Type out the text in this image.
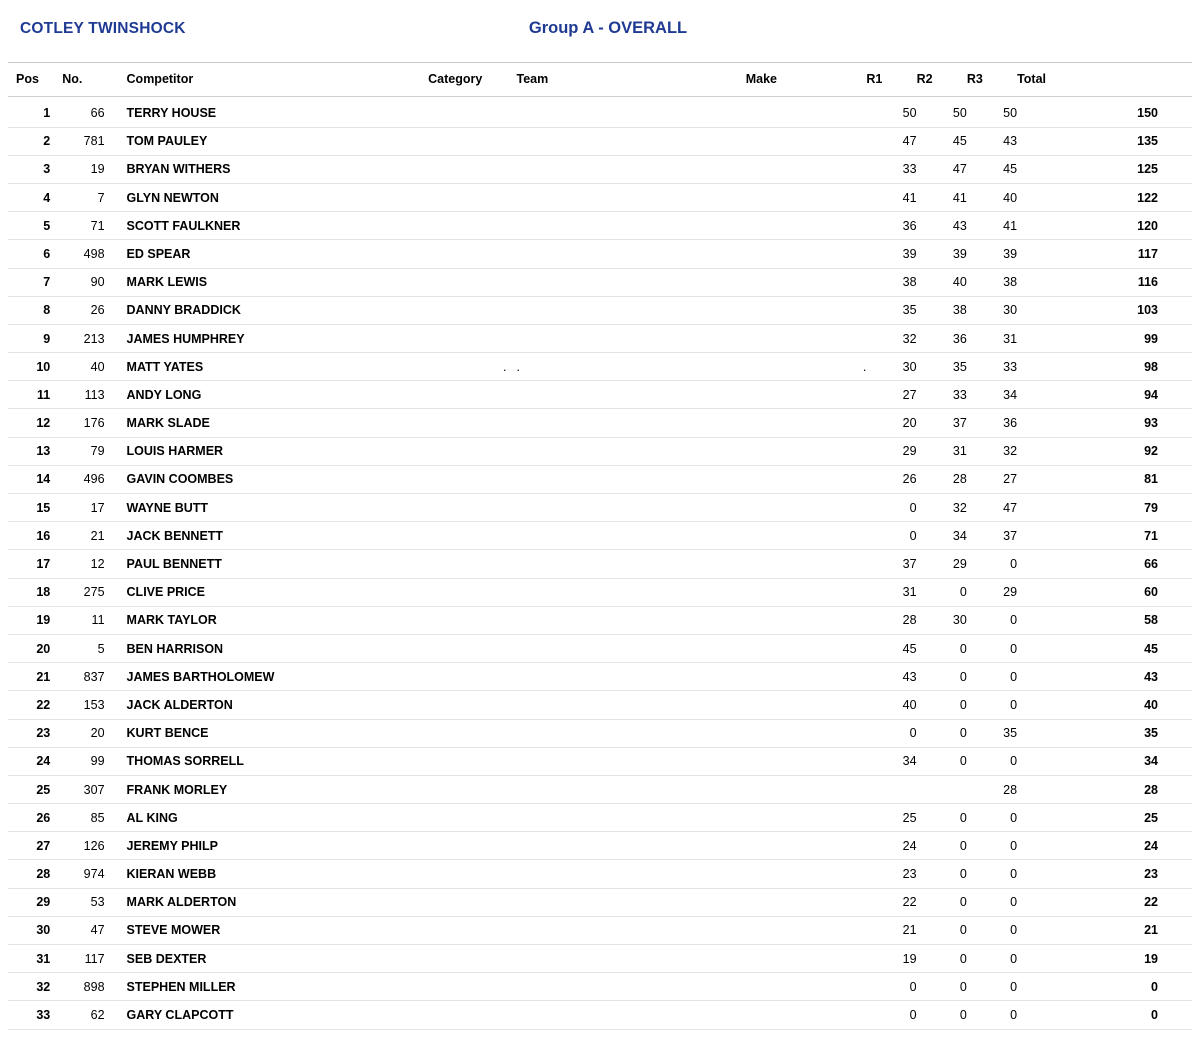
COTLEY TWINSHOCK	Group A - OVERALL
Pos	No.	Competitor	Category	Team	Make	R1	R2	R3	Total
1	66	TERRY HOUSE				50	50	50	150
2	781	TOM PAULEY				47	45	43	135
3	19	BRYAN WITHERS				33	47	45	125
4	7	GLYN NEWTON				41	41	40	122
5	71	SCOTT FAULKNER				36	43	41	120
6	498	ED SPEAR				39	39	39	117
7	90	MARK LEWIS				38	40	38	116
8	26	DANNY BRADDICK				35	38	30	103
9	213	JAMES HUMPHREY				32	36	31	99
10	40	MATT YATES	.	.	.	30	35	33	98
11	113	ANDY LONG				27	33	34	94
12	176	MARK SLADE				20	37	36	93
13	79	LOUIS HARMER				29	31	32	92
14	496	GAVIN COOMBES				26	28	27	81
15	17	WAYNE BUTT				0	32	47	79
16	21	JACK BENNETT				0	34	37	71
17	12	PAUL BENNETT				37	29	0	66
18	275	CLIVE PRICE				31	0	29	60
19	11	MARK TAYLOR				28	30	0	58
20	5	BEN HARRISON				45	0	0	45
21	837	JAMES BARTHOLOMEW				43	0	0	43
22	153	JACK ALDERTON				40	0	0	40
23	20	KURT BENCE				0	0	35	35
24	99	THOMAS SORRELL				34	0	0	34
25	307	FRANK MORLEY						28	28
26	85	AL KING				25	0	0	25
27	126	JEREMY PHILP				24	0	0	24
28	974	KIERAN WEBB				23	0	0	23
29	53	MARK ALDERTON				22	0	0	22
30	47	STEVE MOWER				21	0	0	21
31	117	SEB DEXTER				19	0	0	19
32	898	STEPHEN MILLER				0	0	0	0
33	62	GARY CLAPCOTT				0	0	0	0
